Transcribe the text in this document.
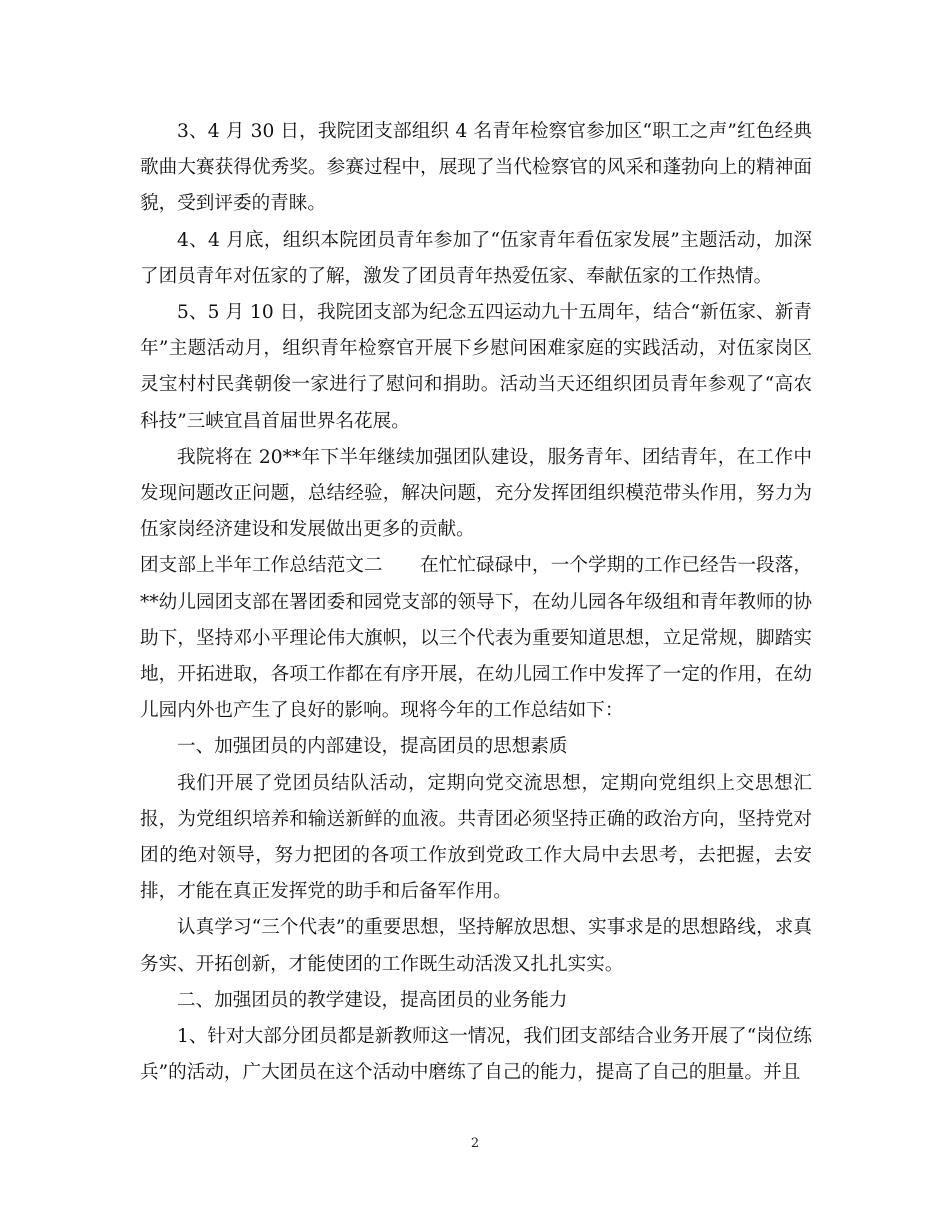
3、4 月 30 日，我院团支部组织 4 名青年检察官参加区“职工之声”红色经典歌曲大赛获得优秀奖。参赛过程中，展现了当代检察官的风采和蓬勃向上的精神面貌，受到评委的青睐。

4、4 月底，组织本院团员青年参加了“伍家青年看伍家发展”主题活动，加深了团员青年对伍家的了解，激发了团员青年热爱伍家、奉献伍家的工作热情。

5、5 月 10 日，我院团支部为纪念五四运动九十五周年，结合“新伍家、新青年”主题活动月，组织青年检察官开展下乡慰问困难家庭的实践活动，对伍家岗区灵宝村村民龚朝俊一家进行了慰问和捐助。活动当天还组织团员青年参观了“高农科技”三峡宜昌首届世界名花展。

我院将在 20**年下半年继续加强团队建设，服务青年、团结青年，在工作中发现问题改正问题，总结经验，解决问题，充分发挥团组织模范带头作用，努力为伍家岗经济建设和发展做出更多的贡献。

团支部上半年工作总结范文二　　在忙忙碌碌中，一个学期的工作已经告一段落，**幼儿园团支部在署团委和园党支部的领导下，在幼儿园各年级组和青年教师的协助下，坚持邓小平理论伟大旗帜，以三个代表为重要知道思想，立足常规，脚踏实地，开拓进取，各项工作都在有序开展，在幼儿园工作中发挥了一定的作用，在幼儿园内外也产生了良好的影响。现将今年的工作总结如下：

一、加强团员的内部建设，提高团员的思想素质

我们开展了党团员结队活动，定期向党交流思想，定期向党组织上交思想汇报，为党组织培养和输送新鲜的血液。共青团必须坚持正确的政治方向，坚持党对团的绝对领导，努力把团的各项工作放到党政工作大局中去思考，去把握，去安排，才能在真正发挥党的助手和后备军作用。

认真学习“三个代表”的重要思想，坚持解放思想、实事求是的思想路线，求真务实、开拓创新，才能使团的工作既生动活泼又扎扎实实。

二、加强团员的教学建设，提高团员的业务能力

1、针对大部分团员都是新教师这一情况，我们团支部结合业务开展了“岗位练兵”的活动，广大团员在这个活动中磨练了自己的能力，提高了自己的胆量。并且

2
